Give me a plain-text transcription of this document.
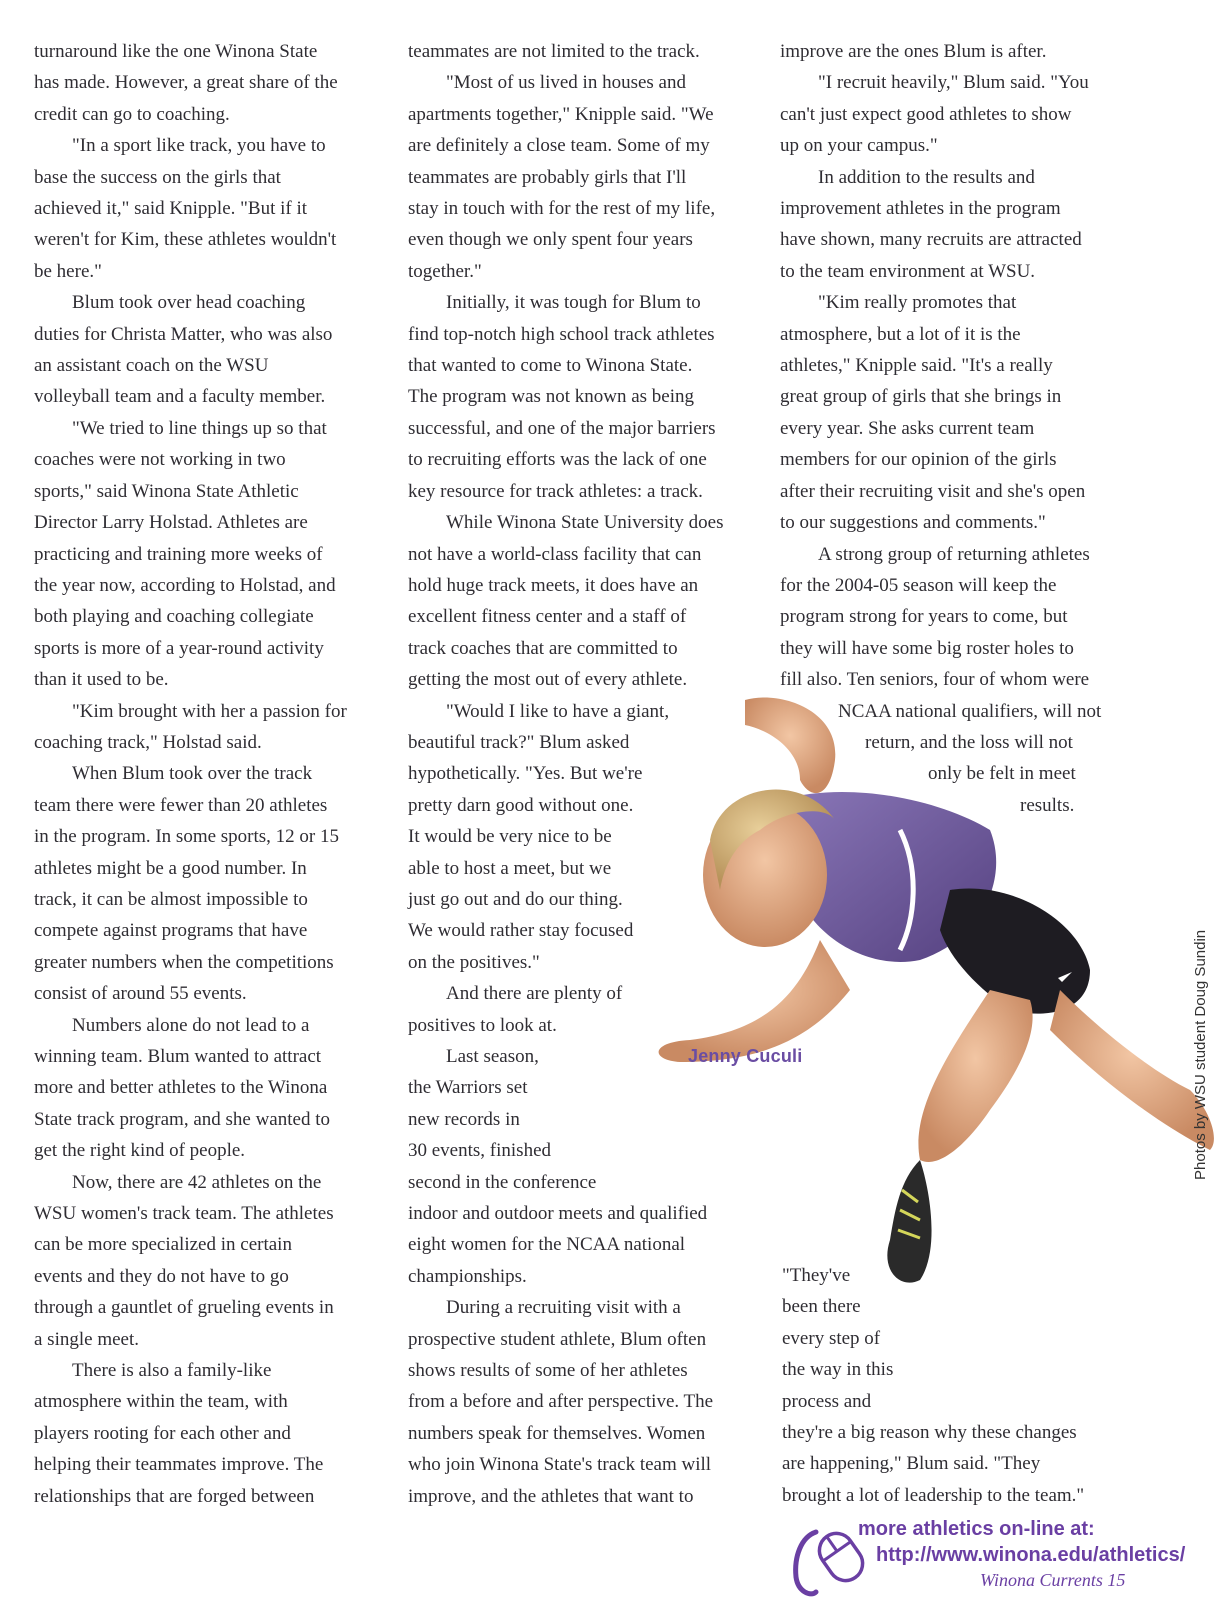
turnaround like the one Winona State
has made. However, a great share of the
credit can go to coaching.
"In a sport like track, you have to
base the success on the girls that
achieved it," said Knipple. "But if it
weren't for Kim, these athletes wouldn't
be here."
Blum took over head coaching
duties for Christa Matter, who was also
an assistant coach on the WSU
volleyball team and a faculty member.
"We tried to line things up so that
coaches were not working in two
sports," said Winona State Athletic
Director Larry Holstad. Athletes are
practicing and training more weeks of
the year now, according to Holstad, and
both playing and coaching collegiate
sports is more of a year-round activity
than it used to be.
"Kim brought with her a passion for
coaching track," Holstad said.
When Blum took over the track
team there were fewer than 20 athletes
in the program. In some sports, 12 or 15
athletes might be a good number. In
track, it can be almost impossible to
compete against programs that have
greater numbers when the competitions
consist of around 55 events.
Numbers alone do not lead to a
winning team. Blum wanted to attract
more and better athletes to the Winona
State track program, and she wanted to
get the right kind of people.
Now, there are 42 athletes on the
WSU women's track team. The athletes
can be more specialized in certain
events and they do not have to go
through a gauntlet of grueling events in
a single meet.
There is also a family-like
atmosphere within the team, with
players rooting for each other and
helping their teammates improve. The
relationships that are forged between
Jenny Cuculi
teammates are not limited to the track.
"Most of us lived in houses and
apartments together," Knipple said. "We
are definitely a close team. Some of my
teammates are probably girls that I'll
stay in touch with for the rest of my life,
even though we only spent four years
together."
Initially, it was tough for Blum to
find top-notch high school track athletes
that wanted to come to Winona State.
The program was not known as being
successful, and one of the major barriers
to recruiting efforts was the lack of one
key resource for track athletes: a track.
While Winona State University does
not have a world-class facility that can
hold huge track meets, it does have an
excellent fitness center and a staff of
track coaches that are committed to
getting the most out of every athlete.
"Would I like to have a giant,
beautiful track?" Blum asked
hypothetically. "Yes. But we're
pretty darn good without one.
It would be very nice to be
able to host a meet, but we
just go out and do our thing.
We would rather stay focused
on the positives."
And there are plenty of
positives to look at.
Last season,
the Warriors set
new records in
30 events, finished
second in the conference
indoor and outdoor meets and qualified
eight women for the NCAA national
championships.
During a recruiting visit with a
prospective student athlete, Blum often
shows results of some of her athletes
from a before and after perspective. The
numbers speak for themselves. Women
who join Winona State's track team will
improve, and the athletes that want to
improve are the ones Blum is after.
"I recruit heavily," Blum said. "You
can't just expect good athletes to show
up on your campus."
In addition to the results and
improvement athletes in the program
have shown, many recruits are attracted
to the team environment at WSU.
"Kim really promotes that
atmosphere, but a lot of it is the
athletes," Knipple said. "It's a really
great group of girls that she brings in
every year. She asks current team
members for our opinion of the girls
after their recruiting visit and she's open
to our suggestions and comments."
A strong group of returning athletes
for the 2004-05 season will keep the
program strong for years to come, but
they will have some big roster holes to
fill also. Ten seniors, four of whom were
NCAA national qualifiers, will not
return, and the loss will not
only be felt in meet
results.
"They've
been there
every step of
the way in this
process and
they're a big reason why these changes
are happening," Blum said. "They
brought a lot of leadership to the team."
Photos by WSU student Doug Sundin
more athletics on-line at:
http://www.winona.edu/athletics/
Winona Currents 15
